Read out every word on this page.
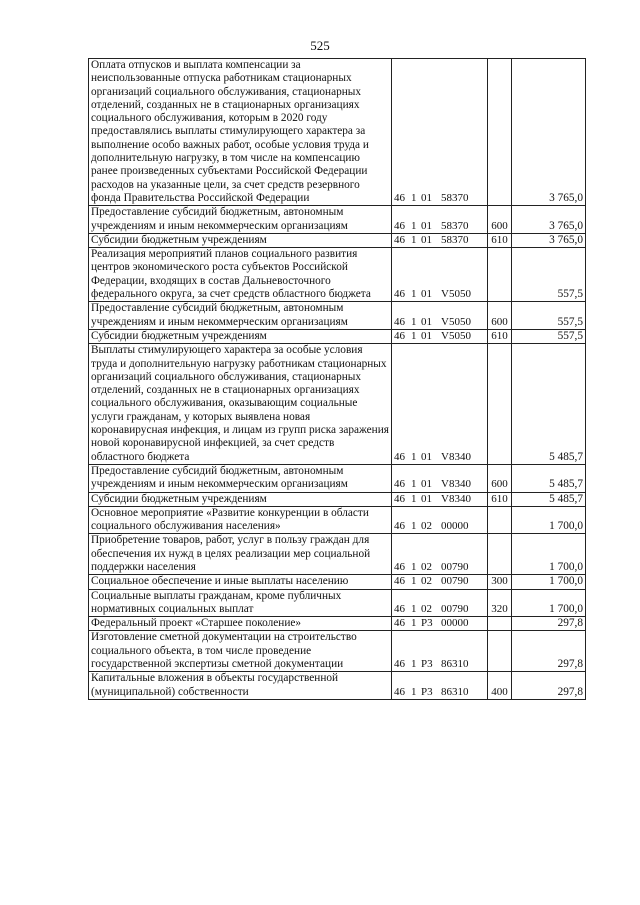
525
Оплата отпусков и выплата компенсации за неиспользованные отпуска работникам стационарных организаций социального обслуживания, стационарных отделений, созданных не в стационарных организациях социального обслуживания, которым в 2020 году предоставлялись выплаты стимулирующего характера за выполнение особо важных работ, особые условия труда и дополнительную нагрузку, в том числе на компенсацию ранее произведенных субъектами Российской Федерации расходов на указанные цели, за счет средств резервного фонда Правительства Российской Федерации	46 1 01 58370		3 765,0
Предоставление субсидий бюджетным, автономным учреждениям и иным некоммерческим организациям	46 1 01 58370	600	3 765,0
Субсидии бюджетным учреждениям	46 1 01 58370	610	3 765,0
Реализация мероприятий планов социального развития центров экономического роста субъектов Российской Федерации, входящих в состав Дальневосточного федерального округа, за счет средств областного бюджета	46 1 01 V5050		557,5
Предоставление субсидий бюджетным, автономным учреждениям и иным некоммерческим организациям	46 1 01 V5050	600	557,5
Субсидии бюджетным учреждениям	46 1 01 V5050	610	557,5
Выплаты стимулирующего характера за особые условия труда и дополнительную нагрузку работникам стационарных организаций социального обслуживания, стационарных отделений, созданных не в стационарных организациях социального обслуживания, оказывающим социальные услуги гражданам, у которых выявлена новая коронавирусная инфекция, и лицам из групп риска заражения новой коронавирусной инфекцией, за счет средств областного бюджета	46 1 01 V8340		5 485,7
Предоставление субсидий бюджетным, автономным учреждениям и иным некоммерческим организациям	46 1 01 V8340	600	5 485,7
Субсидии бюджетным учреждениям	46 1 01 V8340	610	5 485,7
Основное мероприятие «Развитие конкуренции в области социального обслуживания населения»	46 1 02 00000		1 700,0
Приобретение товаров, работ, услуг в пользу граждан для обеспечения их нужд в целях реализации мер социальной поддержки населения	46 1 02 00790		1 700,0
Социальное обеспечение и иные выплаты населению	46 1 02 00790	300	1 700,0
Социальные выплаты гражданам, кроме публичных нормативных социальных выплат	46 1 02 00790	320	1 700,0
Федеральный проект «Старшее поколение»	46 1 P3 00000		297,8
Изготовление сметной документации на строительство социального объекта, в том числе проведение государственной экспертизы сметной документации	46 1 P3 86310		297,8
Капитальные вложения в объекты государственной (муниципальной) собственности	46 1 P3 86310	400	297,8
